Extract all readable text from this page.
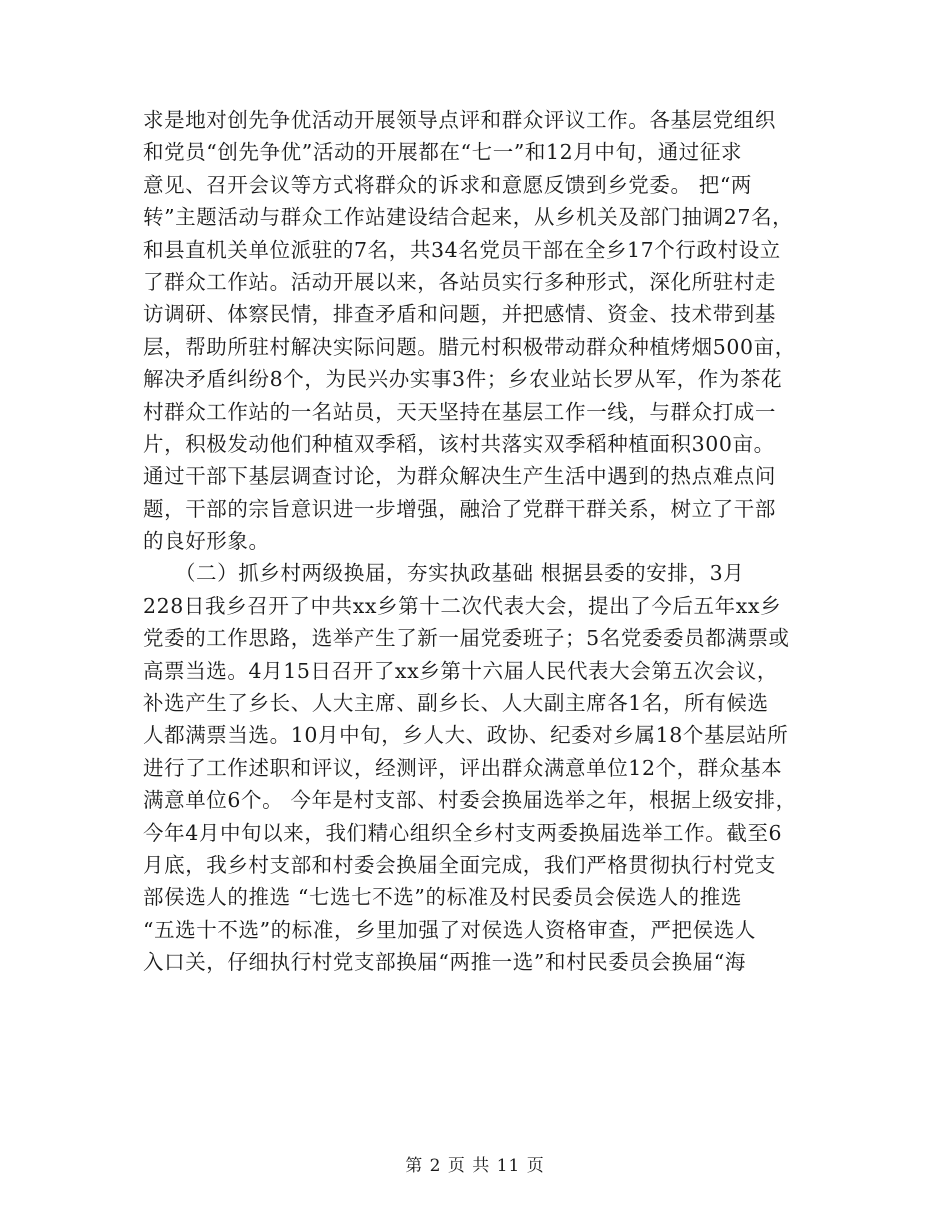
求是地对创先争优活动开展领导点评和群众评议工作。各基层党组织
和党员“创先争优”活动的开展都在“七一”和12月中旬，通过征求
意见、召开会议等方式将群众的诉求和意愿反馈到乡党委。 把“两
转”主题活动与群众工作站建设结合起来，从乡机关及部门抽调27名，
和县直机关单位派驻的7名，共34名党员干部在全乡17个行政村设立
了群众工作站。活动开展以来，各站员实行多种形式，深化所驻村走
访调研、体察民情，排查矛盾和问题，并把感情、资金、技术带到基
层，帮助所驻村解决实际问题。腊元村积极带动群众种植烤烟500亩，
解决矛盾纠纷8个，为民兴办实事3件；乡农业站长罗从军，作为茶花
村群众工作站的一名站员，天天坚持在基层工作一线，与群众打成一
片，积极发动他们种植双季稻，该村共落实双季稻种植面积300亩。
通过干部下基层调查讨论，为群众解决生产生活中遇到的热点难点问
题，干部的宗旨意识进一步增强，融洽了党群干群关系，树立了干部
的良好形象。
　　（二）抓乡村两级换届，夯实执政基础 根据县委的安排，3月
228日我乡召开了中共xx乡第十二次代表大会，提出了今后五年xx乡
党委的工作思路，选举产生了新一届党委班子；5名党委委员都满票或
高票当选。4月15日召开了xx乡第十六届人民代表大会第五次会议，
补选产生了乡长、人大主席、副乡长、人大副主席各1名，所有候选
人都满票当选。10月中旬，乡人大、政协、纪委对乡属18个基层站所
进行了工作述职和评议，经测评，评出群众满意单位12个，群众基本
满意单位6个。 今年是村支部、村委会换届选举之年，根据上级安排，
今年4月中旬以来，我们精心组织全乡村支两委换届选举工作。截至6
月底，我乡村支部和村委会换届全面完成，我们严格贯彻执行村党支
部侯选人的推选 “七选七不选”的标准及村民委员会侯选人的推选
“五选十不选”的标准，乡里加强了对侯选人资格审查，严把侯选人
入口关，仔细执行村党支部换届“两推一选”和村民委员会换届“海
第 2 页 共 11 页
